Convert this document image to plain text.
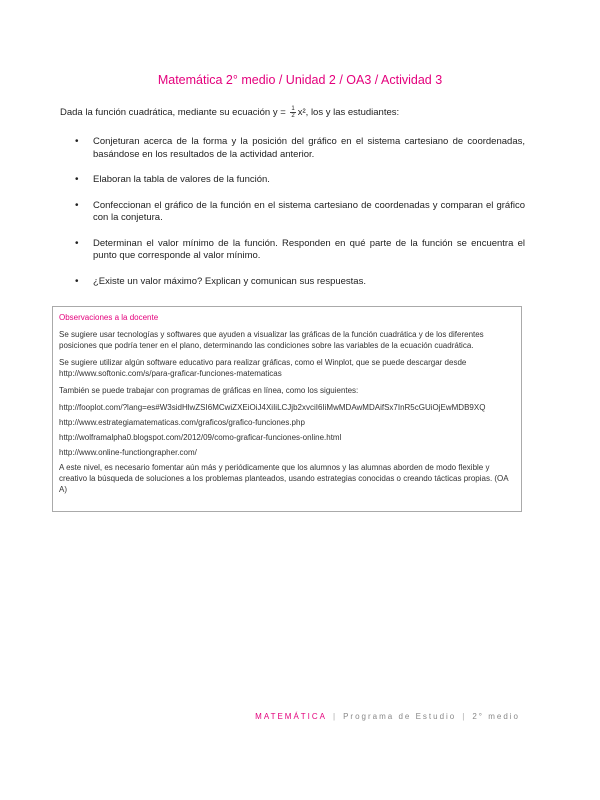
Matemática 2° medio / Unidad 2 / OA3 / Actividad 3
Dada la función cuadrática, mediante su ecuación $y = \frac{1}{2} x^2$, los y las estudiantes:
• Conjeturan acerca de la forma y la posición del gráfico en el sistema cartesiano de coordenadas, basándose en los resultados de la actividad anterior.
• Elaboran la tabla de valores de la función.
• Confeccionan el gráfico de la función en el sistema cartesiano de coordenadas y comparan el gráfico con la conjetura.
• Determinan el valor mínimo de la función. Responden en qué parte de la función se encuentra el punto que corresponde al valor mínimo.
• ¿Existe un valor máximo? Explican y comunican sus respuestas.
Observaciones a la docente

Se sugiere usar tecnologías y softwares que ayuden a visualizar las gráficas de la función cuadrática y de los diferentes posiciones que podría tener en el plano, determinando las condiciones sobre las variables de la ecuación cuadrática.

Se sugiere utilizar algún software educativo para realizar gráficas, como el Winplot, que se puede descargar desde http://www.softonic.com/s/para-graficar-funciones-matematicas

También se puede trabajar con programas de gráficas en línea, como los siguientes:

http://fooplot.com/?lang=es#W3sidHlwZSI6MCwiZXEiOiJ4XiIiLCJjb2xvciI6IiMwMDAwMDAifSx7InR5cGUiOjEwMDB9XQ

http://www.estrategiamatematicas.com/graficos/grafico-funciones.php

http://wolframalpha0.blogspot.com/2012/09/como-graficar-funciones-online.html

http://www.online-functiongrapher.com/

A este nivel, es necesario fomentar aún más y periódicamente que los alumnos y las alumnas aborden de modo flexible y creativo la búsqueda de soluciones a los problemas planteados, usando estrategias conocidas o creando tácticas propias. (OA A)

MATEMÁTICA | Programa de Estudio | 2° medio
